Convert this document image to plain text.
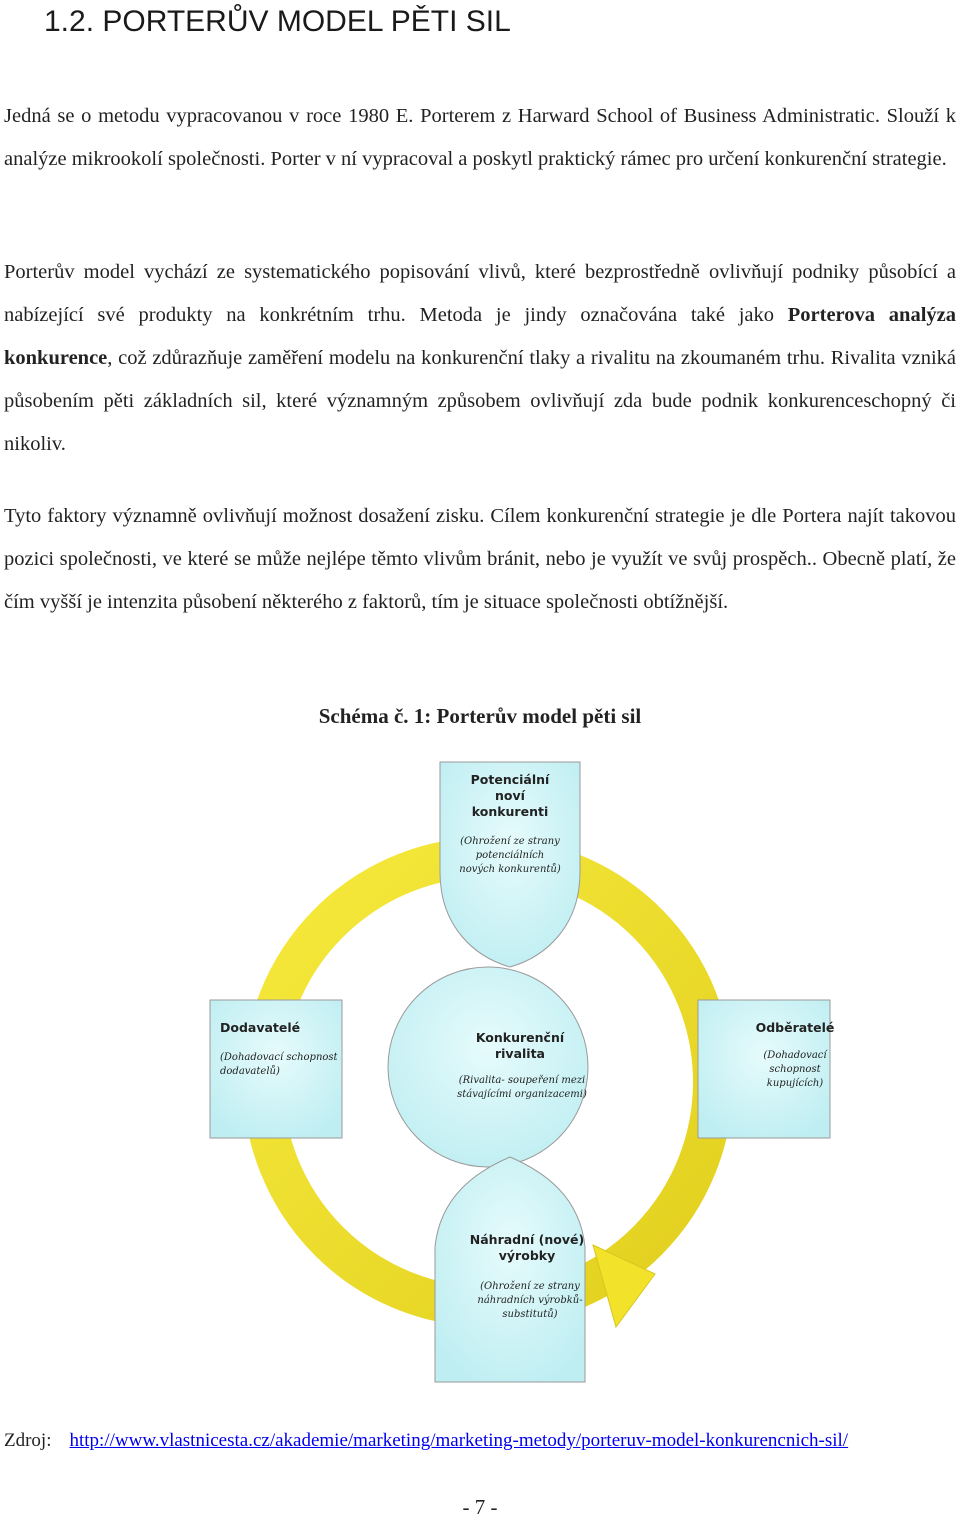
1.2. PORTERŮV MODEL PĚTI SIL

Jedná se o metodu vypracovanou v roce 1980 E. Porterem z Harward School of Business Administratic. Slouží k analýze mikrookolí společnosti. Porter v ní vypracoval a poskytl praktický rámec pro určení konkurenční strategie.

Porterův model vychází ze systematického popisování vlivů, které bezprostředně ovlivňují podniky působící a nabízející své produkty na konkrétním trhu. Metoda je jindy označována také jako Porterova analýza konkurence, což zdůrazňuje zaměření modelu na konkurenční tlaky a rivalitu na zkoumaném trhu. Rivalita vzniká působením pěti základních sil, které významným způsobem ovlivňují zda bude podnik konkurenceschopný či nikoliv.

Tyto faktory významně ovlivňují možnost dosažení zisku. Cílem konkurenční strategie je dle Portera najít takovou pozici společnosti, ve které se může nejlépe těmto vlivům bránit, nebo je využít ve svůj prospěch.. Obecně platí, že čím vyšší je intenzita působení některého z faktorů, tím je situace společnosti obtížnější.

Schéma č. 1: Porterův model pěti sil

Potenciální
noví
konkurenti
(Ohrožení ze strany
potenciálních
nových konkurentů)
Konkurenční
rivalita
(Rivalita- soupeření mezi
stávajícími organizacemi)
Dodavatelé
(Dohadovací schopnost
dodavatelů)
Odběratelé
(Dohadovací
schopnost
kupujících)
Náhradní (nové)
výrobky
(Ohrožení ze strany
náhradních výrobků-
substitutů)

Zdroj: http://www.vlastnicesta.cz/akademie/marketing/marketing-metody/porteruv-model-konkurencnich-sil/

- 7 -
